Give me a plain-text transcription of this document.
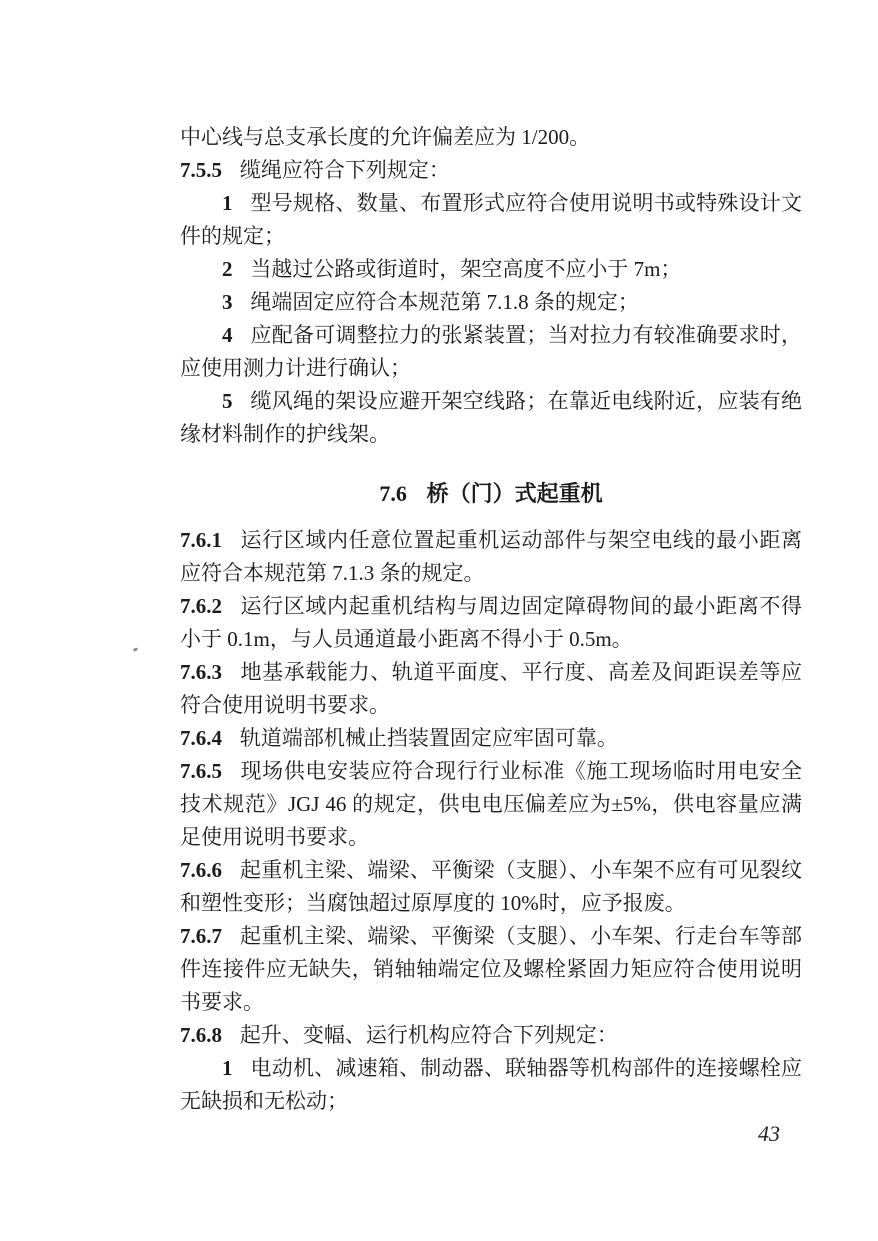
中心线与总支承长度的允许偏差应为 1/200。

7.5.5 缆绳应符合下列规定：

1 型号规格、数量、布置形式应符合使用说明书或特殊设计文件的规定；

2 当越过公路或街道时，架空高度不应小于 7m；

3 绳端固定应符合本规范第 7.1.8 条的规定；

4 应配备可调整拉力的张紧装置；当对拉力有较准确要求时，应使用测力计进行确认；

5 缆风绳的架设应避开架空线路；在靠近电线附近，应装有绝缘材料制作的护线架。

7.6 桥（门）式起重机

7.6.1 运行区域内任意位置起重机运动部件与架空电线的最小距离应符合本规范第 7.1.3 条的规定。

7.6.2 运行区域内起重机结构与周边固定障碍物间的最小距离不得小于 0.1m，与人员通道最小距离不得小于 0.5m。

7.6.3 地基承载能力、轨道平面度、平行度、高差及间距误差等应符合使用说明书要求。

7.6.4 轨道端部机械止挡装置固定应牢固可靠。

7.6.5 现场供电安装应符合现行行业标准《施工现场临时用电安全技术规范》JGJ 46 的规定，供电电压偏差应为±5%，供电容量应满足使用说明书要求。

7.6.6 起重机主梁、端梁、平衡梁（支腿）、小车架不应有可见裂纹和塑性变形；当腐蚀超过原厚度的 10%时，应予报废。

7.6.7 起重机主梁、端梁、平衡梁（支腿）、小车架、行走台车等部件连接件应无缺失，销轴轴端定位及螺栓紧固力矩应符合使用说明书要求。

7.6.8 起升、变幅、运行机构应符合下列规定：

1 电动机、减速箱、制动器、联轴器等机构部件的连接螺栓应无缺损和无松动；

43
